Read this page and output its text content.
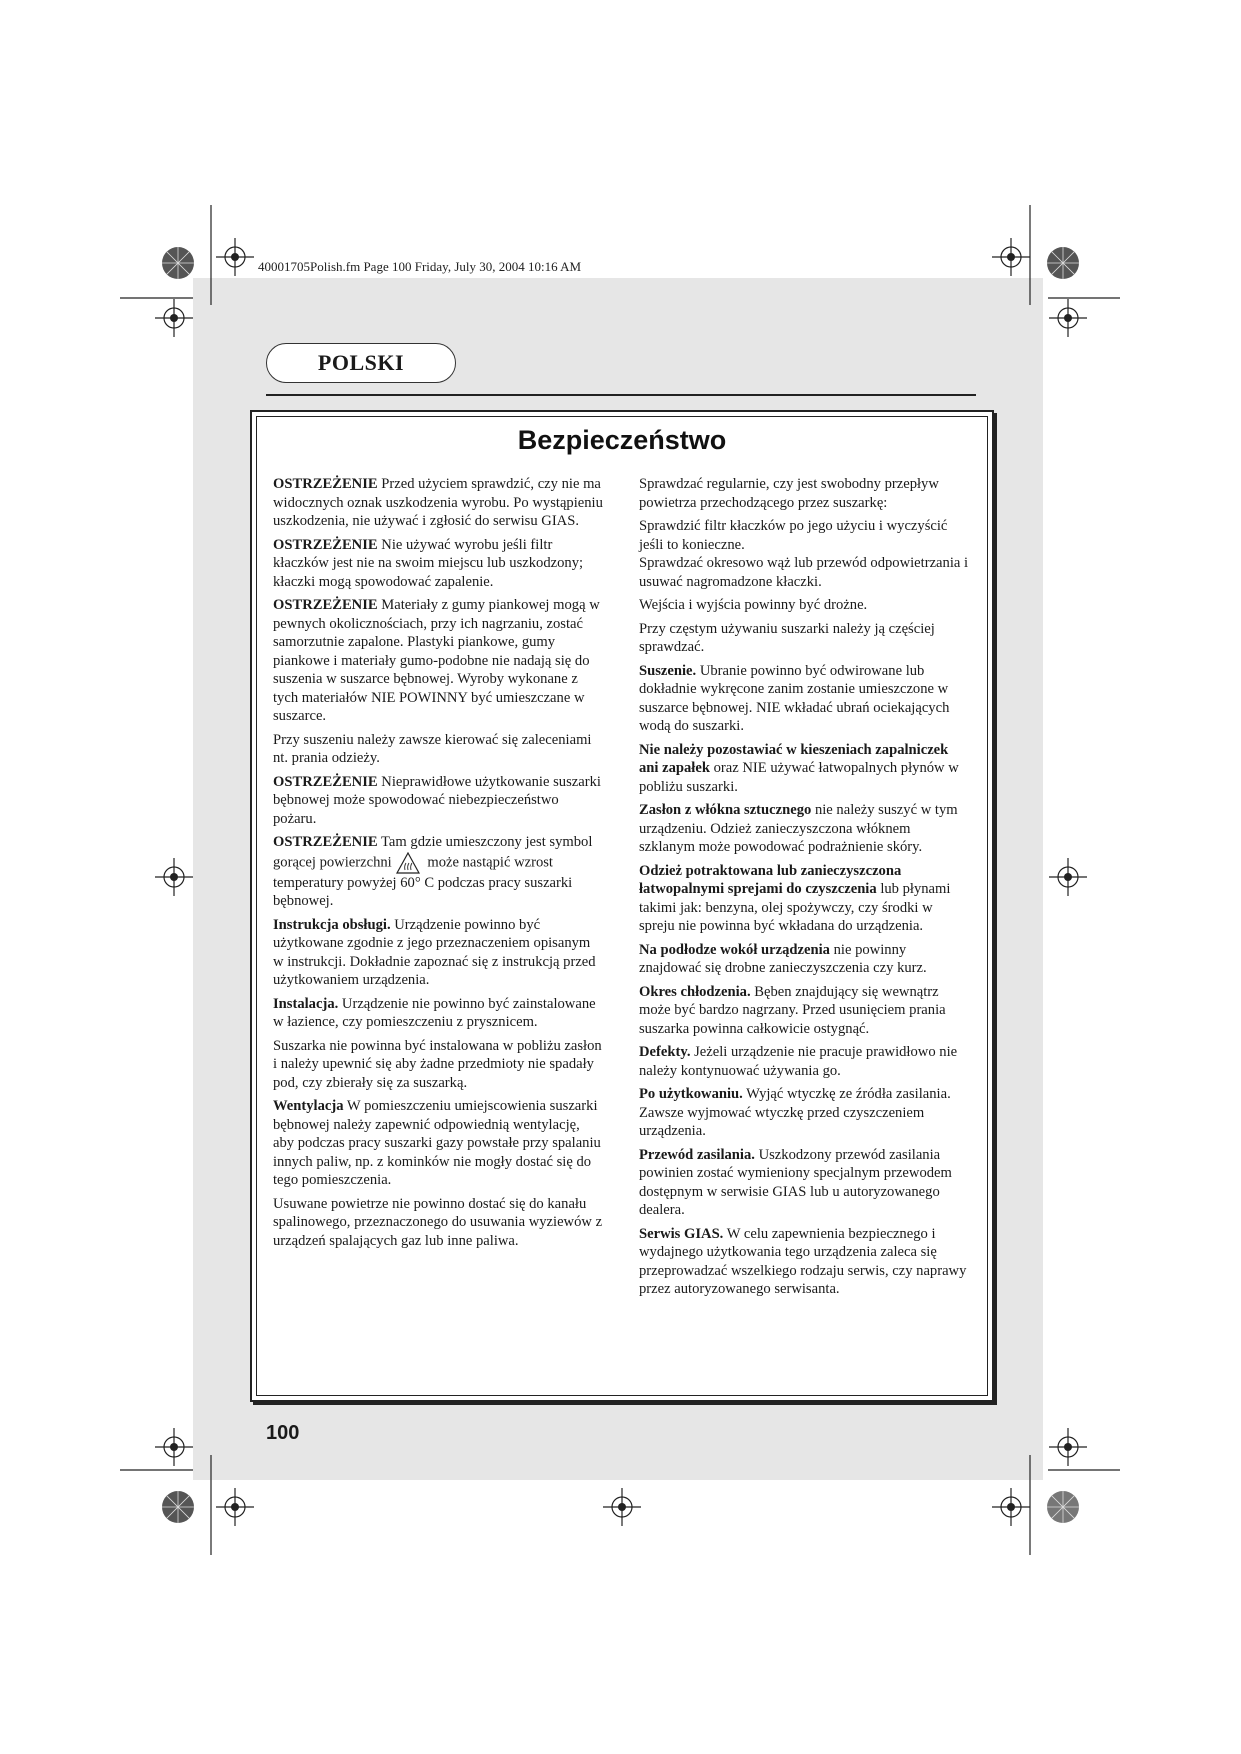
40001705Polish.fm Page 100 Friday, July 30, 2004 10:16 AM
POLSKI
Bezpieczeństwo

OSTRZEŻENIE Przed użyciem sprawdzić, czy nie ma widocznych oznak uszkodzenia wyrobu. Po wystąpieniu uszkodzenia, nie używać i zgłosić do serwisu GIAS.

OSTRZEŻENIE Nie używać wyrobu jeśli filtr kłaczków jest nie na swoim miejscu lub uszkodzony; kłaczki mogą spowodować zapalenie.

OSTRZEŻENIE Materiały z gumy piankowej mogą w pewnych okolicznościach, przy ich nagrzaniu, zostać samorzutnie zapalone. Plastyki piankowe, gumy piankowe i materiały gumo-podobne nie nadają się do suszenia w suszarce bębnowej. Wyroby wykonane z tych materiałów NIE POWINNY być umieszczane w suszarce.

Przy suszeniu należy zawsze kierować się zaleceniami nt. prania odzieży.

OSTRZEŻENIE Nieprawidłowe użytkowanie suszarki bębnowej może spowodować niebezpieczeństwo pożaru.

OSTRZEŻENIE Tam gdzie umieszczony jest symbol gorącej powierzchni może nastąpić wzrost temperatury powyżej 60° C podczas pracy suszarki bębnowej.

Instrukcja obsługi. Urządzenie powinno być użytkowane zgodnie z jego przeznaczeniem opisanym w instrukcji. Dokładnie zapoznać się z instrukcją przed użytkowaniem urządzenia.

Instalacja. Urządzenie nie powinno być zainstalowane w łazience, czy pomieszczeniu z prysznicem.

Suszarka nie powinna być instalowana w pobliżu zasłon i należy upewnić się aby żadne przedmioty nie spadały pod, czy zbierały się za suszarką.

Wentylacja W pomieszczeniu umiejscowienia suszarki bębnowej należy zapewnić odpowiednią wentylację, aby podczas pracy suszarki gazy powstałe przy spalaniu innych paliw, np. z kominków nie mogły dostać się do tego pomieszczenia.

Usuwane powietrze nie powinno dostać się do kanału spalinowego, przeznaczonego do usuwania wyziewów z urządzeń spalających gaz lub inne paliwa.

Sprawdzać regularnie, czy jest swobodny przepływ powietrza przechodzącego przez suszarkę:

Sprawdzić filtr kłaczków po jego użyciu i wyczyścić jeśli to konieczne.
Sprawdzać okresowo wąż lub przewód odpowietrzania i usuwać nagromadzone kłaczki.

Wejścia i wyjścia powinny być drożne.

Przy częstym używaniu suszarki należy ją częściej sprawdzać.

Suszenie. Ubranie powinno być odwirowane lub dokładnie wykręcone zanim zostanie umieszczone w suszarce bębnowej. NIE wkładać ubrań ociekających wodą do suszarki.

Nie należy pozostawiać w kieszeniach zapalniczek ani zapałek oraz NIE używać łatwopalnych płynów w pobliżu suszarki.

Zasłon z włókna sztucznego nie należy suszyć w tym urządzeniu. Odzież zanieczyszczona włóknem szklanym może powodować podrażnienie skóry.

Odzież potraktowana lub zanieczyszczona łatwopalnymi sprejami do czyszczenia lub płynami takimi jak: benzyna, olej spożywczy, czy środki w spreju nie powinna być wkładana do urządzenia.

Na podłodze wokół urządzenia nie powinny znajdować się drobne zanieczyszczenia czy kurz.

Okres chłodzenia. Bęben znajdujący się wewnątrz może być bardzo nagrzany. Przed usunięciem prania suszarka powinna całkowicie ostygnąć.

Defekty. Jeżeli urządzenie nie pracuje prawidłowo nie należy kontynuować używania go.

Po użytkowaniu. Wyjąć wtyczkę ze źródła zasilania. Zawsze wyjmować wtyczkę przed czyszczeniem urządzenia.

Przewód zasilania. Uszkodzony przewód zasilania powinien zostać wymieniony specjalnym przewodem dostępnym w serwisie GIAS lub u autoryzowanego dealera.

Serwis GIAS. W celu zapewnienia bezpiecznego i wydajnego użytkowania tego urządzenia zaleca się przeprowadzać wszelkiego rodzaju serwis, czy naprawy przez autoryzowanego serwisanta.

100
